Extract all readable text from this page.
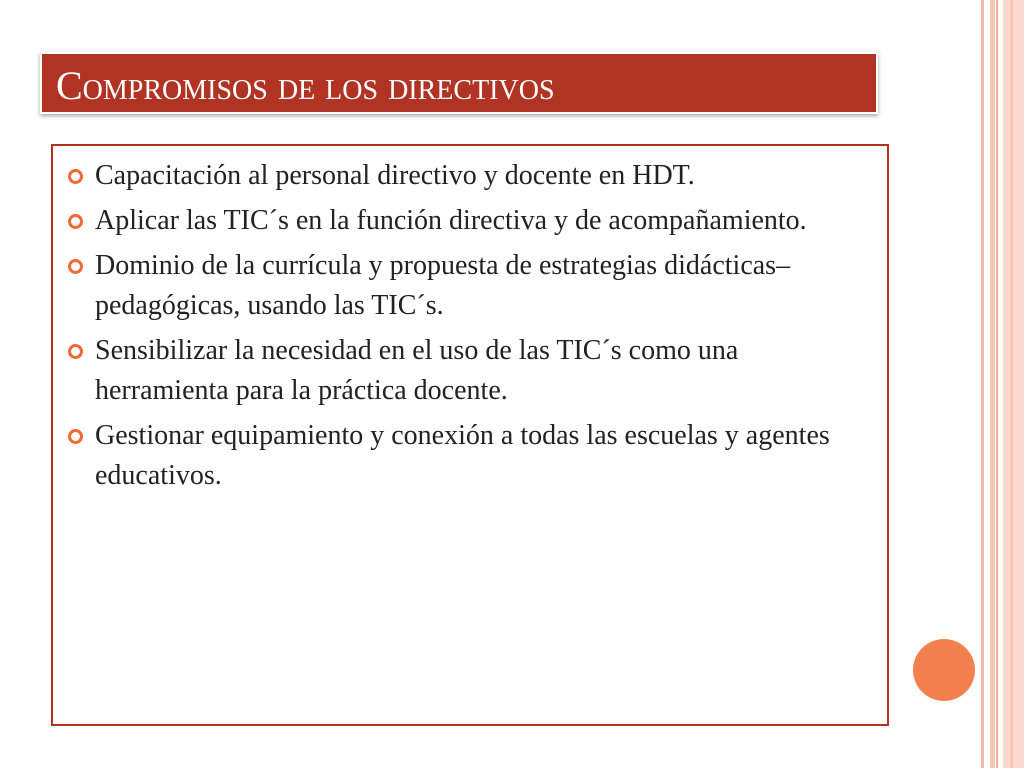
Compromisos de los directivos
Capacitación al personal directivo y docente en HDT.
Aplicar las TIC´s en la función directiva y de acompañamiento.
Dominio de la currícula y propuesta de estrategias didácticas–pedagógicas, usando las TIC´s.
Sensibilizar la necesidad en el uso de las TIC´s como una herramienta para la práctica docente.
Gestionar equipamiento y conexión a todas las escuelas y agentes educativos.
